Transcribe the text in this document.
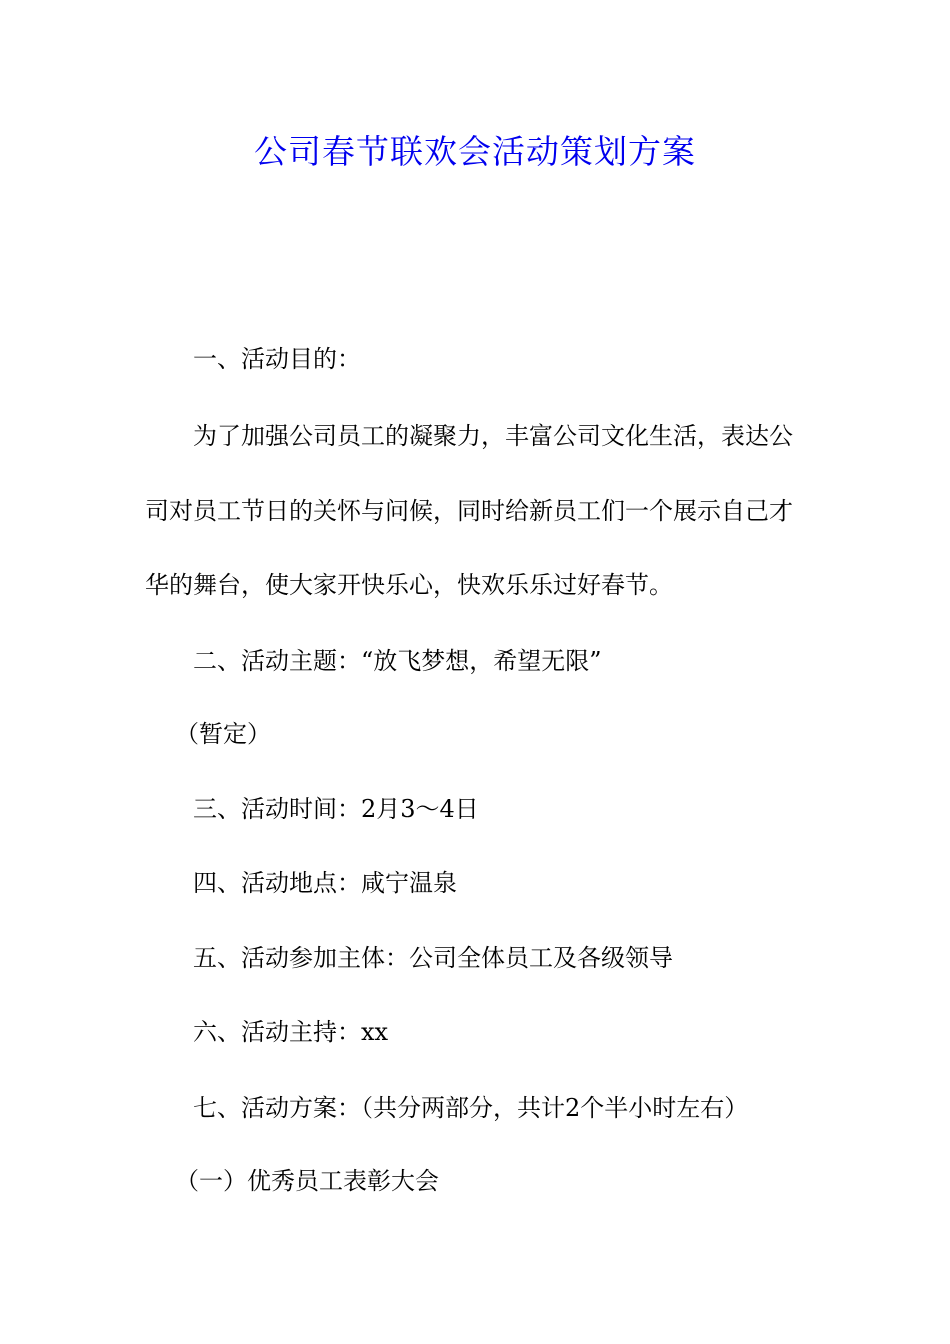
公司春节联欢会活动策划方案

一、活动目的：

为了加强公司员工的凝聚力，丰富公司文化生活，表达公

司对员工节日的关怀与问候，同时给新员工们一个展示自己才

华的舞台，使大家开快乐心，快欢乐乐过好春节。

二、活动主题：“放飞梦想，希望无限”

（暂定）

三、活动时间：2月3～4日

四、活动地点：咸宁温泉

五、活动参加主体：公司全体员工及各级领导

六、活动主持：xx

七、活动方案：（共分两部分，共计2个半小时左右）

（一）优秀员工表彰大会
